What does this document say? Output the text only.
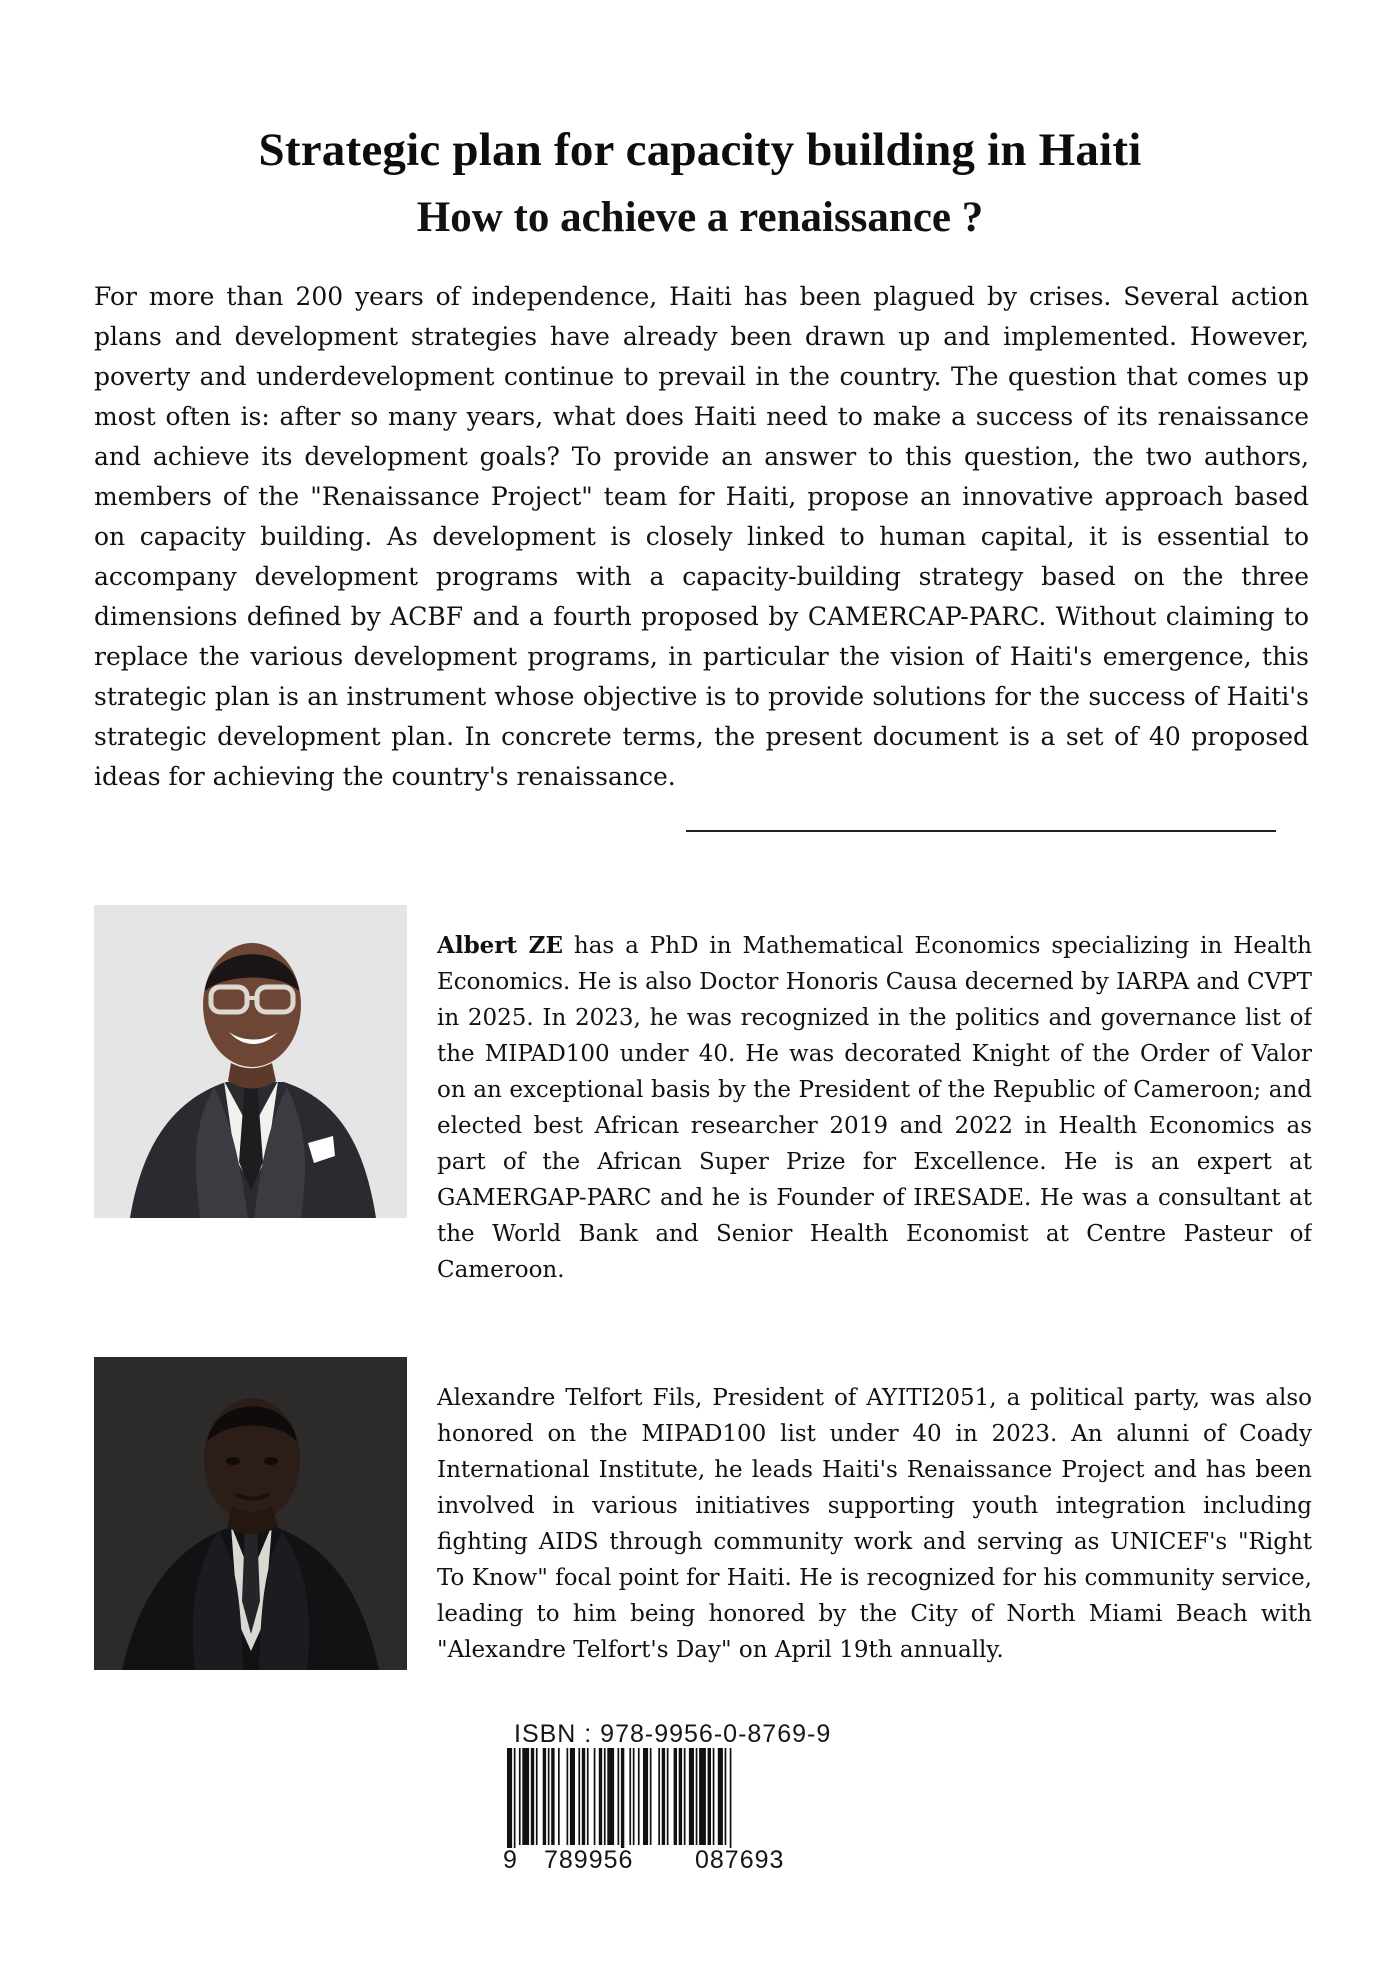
Strategic plan for capacity building in Haiti
How to achieve a renaissance ?

For more than 200 years of independence, Haiti has been plagued by crises. Several action plans and development strategies have already been drawn up and implemented. However, poverty and underdevelopment continue to prevail in the country. The question that comes up most often is: after so many years, what does Haiti need to make a success of its renaissance and achieve its development goals? To provide an answer to this question, the two authors, members of the "Renaissance Project" team for Haiti, propose an innovative approach based on capacity building. As development is closely linked to human capital, it is essential to accompany development programs with a capacity-building strategy based on the three dimensions defined by ACBF and a fourth proposed by CAMERCAP-PARC. Without claiming to replace the various development programs, in particular the vision of Haiti's emergence, this strategic plan is an instrument whose objective is to provide solutions for the success of Haiti's strategic development plan. In concrete terms, the present document is a set of 40 proposed ideas for achieving the country's renaissance.

Albert ZE has a PhD in Mathematical Economics specializing in Health Economics. He is also Doctor Honoris Causa decerned by IARPA and CVPT in 2025. In 2023, he was recognized in the politics and governance list of the MIPAD100 under 40. He was decorated Knight of the Order of Valor on an exceptional basis by the President of the Republic of Cameroon; and elected best African researcher 2019 and 2022 in Health Economics as part of the African Super Prize for Excellence. He is an expert at GAMERGAP-PARC and he is Founder of IRESADE. He was a consultant at the World Bank and Senior Health Economist at Centre Pasteur of Cameroon.

Alexandre Telfort Fils, President of AYITI2051, a political party, was also honored on the MIPAD100 list under 40 in 2023. An alunni of Coady International Institute, he leads Haiti's Renaissance Project and has been involved in various initiatives supporting youth integration including fighting AIDS through community work and serving as UNICEF's "Right To Know" focal point for Haiti. He is recognized for his community service, leading to him being honored by the City of North Miami Beach with "Alexandre Telfort's Day" on April 19th annually.

ISBN : 978-9956-0-8769-9
9 789956 087693
